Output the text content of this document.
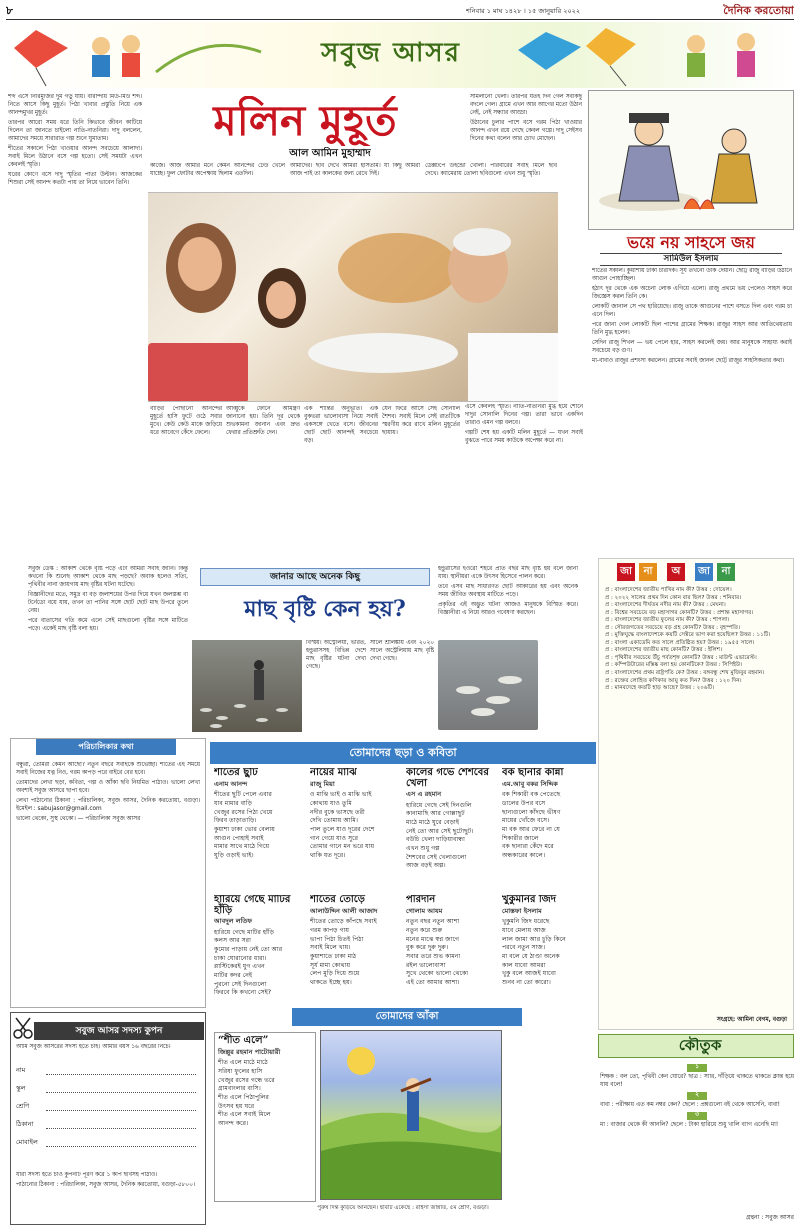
৮	শনিবার ১ মাঘ ১৪২৮ । ১৫ জানুয়ারি ২০২২	দৈনিক করতোয়া
সবুজ আসর
মলিন মুহূর্ত
আল আমিন মুহাম্মাদ

শব্দ এসে নিরিমুজির দুম গড়ু যায়। বারান্দায় মিউ-মিউ শব্দ। নিতে আসে কিছু মুহূর্ত। পিঠা খাবার প্রস্তুতি নিয়ে এক আনন্দমুখর মুহূর্ত।

তারপর আরো সময় ধরে তিনি কিভাবে জীবন কাটিয়ে দিলেন তা জানতে চাইলো নাতি-নাতনিরা। দাদু বললেন, আমাদের সময়ে সারারাত গল্প শুনে ঘুমাতাম।

শীতের সকালে পিঠা খাওয়ার আনন্দ সবচেয়ে আলাদা। সবাই মিলে উঠানে বসে গল্প হতো। সেই সময়টা এখন কেবলই স্মৃতি।

ঘরের কোণে বসে দাদু স্মৃতির পাতা উল্টান। আজকের শিশুরা সেই আনন্দ কতটা পায় তা নিয়ে ভাবেন তিনি।

কাজে। আজ আমার মনে কেমন আনন্দের ঢেউ খেলে যাচ্ছে। ফুল ফোটার অপেক্ষায় ছিলাম এতদিন।

আমাদের। ছবি দেখে আমরা হাসতাম। যা কিছু আমরা আজ পাই তা কালকের জন্য রেখে দিই।

ডেক্সটপে উইন্ডো খোলা। পরিবারের সবাই মিলে ছবি দেখে। ক্যামেরায় তোলা ছবিগুলো এখন শুধু স্মৃতি।

সামলানো খেলা। তারপর যতই দিন গেল সবকিছু বদলে গেল। গ্রামে এখন আর আগের মতো উঠান নেই, নেই সন্ধ্যার আড্ডা।

উঠানের চুলার পাশে বসে গরম পিঠা খাওয়ার আনন্দ এখন রয়ে গেছে কেবল গল্পে। দাদু সেইসব দিনের কথা বলেন আর চোখ মোছেন।

এসে কেবলই স্মৃতি। নাতি-নাতনিরা মুগ্ধ হয়ে শোনে দাদুর সোনালি দিনের গল্প। তারা ভাবে একদিন তারাও এমন গল্প বলবে।

গল্পটি শেষ হয় একটি মলিন মুহূর্তে — যখন সবাই বুঝতে পারে সময় কাউকে অপেক্ষা করে না।

বাড়ির পৌঁছানো আনন্দের মুহূর্তে হাসি ফুটে ওঠে সবার মুখে। কেউ কেউ মাকে জড়িয়ে ধরে আবেগে কেঁদে ফেলে।

আব্বুকে ফোনে আমন্ত্রণ জানানো হয়। তিনি দূর থেকে শুভকামনা জানান এবং দ্রুত ফেরার প্রতিশ্রুতি দেন।

এক শান্তির অনুভূতি। এক বুকভরা ভালোবাসা নিয়ে সবাই একসঙ্গে খেতে বসে। জীবনের ছোট ছোট আনন্দই সবচেয়ে বড়।

যেন ফিরে আসে সেই সোনালি শৈশব। সবাই মিলে সেই রাতটিকে স্মরণীয় করে রাখে মলিন মুহূর্তের ছায়ায়।

ভয়ে নয় সাহসে জয়
সামিউল ইসলাম

শীতের সকাল। কুয়াশায় ঢাকা চারদিক। সূর্য তখনো উঁকি দেয়নি। ছোট্ট রাজু বাড়ির উঠানে আগুন পোহাচ্ছিল।

হঠাৎ দূর থেকে এক অচেনা লোক এগিয়ে এলো। রাজু প্রথমে ভয় পেলেও সাহস করে জিজ্ঞেস করল তিনি কে।

লোকটি জানাল সে পথ হারিয়েছে। রাজু তাকে আগুনের পাশে বসতে দিল এবং গরম চা এনে দিল।

পরে জানা গেল লোকটি ছিল পাশের গ্রামের শিক্ষক। রাজুর সাহস আর আতিথেয়তায় তিনি মুগ্ধ হলেন।

সেদিন রাজু শিখল — ভয় পেলে হার, সাহস করলেই জয়। আর মানুষকে সাহায্য করাই সবচেয়ে বড় গুণ।

মা-বাবাও রাজুর প্রশংসা করলেন। গ্রামের সবাই জানল ছোট্ট রাজুর সাহসিকতার কথা।

জানার আছে অনেক কিছু
মাছ বৃষ্টি কেন হয়?

সবুজ ডেস্ক : আকাশ থেকে বৃষ্টি পড়ে এটা আমরা সবাই জানি। কিন্তু কখনো কি শুনেছ আকাশ থেকে মাছ পড়ছে? অবাক হলেও সত্যি, পৃথিবীর নানা জায়গায় মাছ বৃষ্টির ঘটনা ঘটেছে।

বিজ্ঞানীদের মতে, সমুদ্র বা বড় জলাশয়ের উপর দিয়ে যখন জলস্তম্ভ বা টর্নেডো বয়ে যায়, তখন তা পানির সঙ্গে ছোট ছোট মাছ উপরে তুলে নেয়।

পরে বাতাসের গতি কমে এলে সেই মাছগুলো বৃষ্টির সঙ্গে মাটিতে পড়ে। একেই মাছ বৃষ্টি বলা হয়।

বিস্ময়। অস্ট্রেলিয়া, ভারত, হন্ডুরাসসহ বিভিন্ন দেশে মাছ বৃষ্টির ঘটনা দেখা গেছে।

সালে শ্রীলঙ্কায় এবং ২০২০ সালে অস্ট্রেলিয়ায় মাছ বৃষ্টি দেখা গেছে।

হন্ডুরাসের ইওরো শহরে প্রতি বছর মাছ বৃষ্টি হয় বলে জানা যায়। স্থানীয়রা একে উৎসব হিসেবে পালন করে।

তবে এসব মাছ সাধারণত ছোট আকারের হয় এবং অনেক সময় জীবিত অবস্থায় মাটিতে পড়ে।

প্রকৃতির এই অদ্ভুত ঘটনা আজও মানুষকে বিস্মিত করে। বিজ্ঞানীরা এ নিয়ে আরও গবেষণা করছেন।

জা	না	অ	জা	না
প্র : বাংলাদেশের জাতীয় পাখির নাম কী? উত্তর : দোয়েল।
প্র : ২০২২ সালের প্রথম দিন কোন বার ছিল? উত্তর : শনিবার।
প্র : বাংলাদেশের দীর্ঘতম নদীর নাম কী? উত্তর : মেঘনা।
প্র : বিশ্বের সবচেয়ে বড় মহাসাগর কোনটি? উত্তর : প্রশান্ত মহাসাগর।
প্র : বাংলাদেশের জাতীয় ফুলের নাম কী? উত্তর : শাপলা।
প্র : সৌরজগতের সবচেয়ে বড় গ্রহ কোনটি? উত্তর : বৃহস্পতি।
প্র : মুক্তিযুদ্ধে বাংলাদেশকে কয়টি সেক্টরে ভাগ করা হয়েছিল? উত্তর : ১১টি।
প্র : বাংলা একাডেমি কত সালে প্রতিষ্ঠিত হয়? উত্তর : ১৯৫৫ সালে।
প্র : বাংলাদেশের জাতীয় মাছ কোনটি? উত্তর : ইলিশ।
প্র : পৃথিবীর সবচেয়ে উঁচু পর্বতশৃঙ্গ কোনটি? উত্তর : মাউন্ট এভারেস্ট।
প্র : কম্পিউটারের মস্তিষ্ক বলা হয় কোনটিকে? উত্তর : সিপিইউ।
প্র : বাংলাদেশের প্রথম রাষ্ট্রপতি কে? উত্তর : বঙ্গবন্ধু শেখ মুজিবুর রহমান।
প্র : রক্তের লোহিত কণিকার আয়ু কত দিন? উত্তর : ১২০ দিন।
প্র : মানবদেহে কতটি হাড় আছে? উত্তর : ২০৬টি।
সংগ্রহে: আমিনা বেগম, বগুড়া
কৌতুক
১

শিক্ষক : বল তো, পৃথিবী কেন ঘোরে? ছাত্র : স্যার, দাঁড়িয়ে থাকতে থাকতে ক্লান্ত হয়ে যায় বলে!

২

বাবা : পরীক্ষায় এত কম নম্বর কেন? ছেলে : প্রশ্নগুলো বই থেকে আসেনি, বাবা!

৩

মা : বাজার থেকে কী আনলি? ছেলে : টাকা হারিয়ে শুধু খালি ব্যাগ এনেছি মা!

গ্রন্থনা : সবুজ আসর
পরিচালিকার কথা

বন্ধুরা, তোমরা কেমন আছো? নতুন বছরে সবাইকে শুভেচ্ছা। শীতের এই সময়ে সবাই নিজের যত্ন নিও, গরম কাপড় পরে বাইরে বের হবে।

তোমাদের লেখা ছড়া, কবিতা, গল্প ও আঁকা ছবি নিয়মিত পাঠাও। ভালো লেখা অবশ্যই সবুজ আসরে ছাপা হবে।

লেখা পাঠানোর ঠিকানা : পরিচালিকা, সবুজ আসর, দৈনিক করতোয়া, বগুড়া। ইমেইল : sabujasor@gmail.com

ভালো থেকো, সুস্থ থেকো। — পরিচালিকা সবুজ আসর

সবুজ আসর সদস্য কুপন
আমি সবুজ আসরের সদস্য হতে চাই। আমার বয়স ১৬ বছরের নিচে।
নাম
স্কুল
শ্রেণি
ঠিকানা
মোবাইল

যারা সদস্য হতে চাও কুপনটি পূরণ করে ১ কপি ছবিসহ পাঠাও।

পাঠানোর ঠিকানা : পরিচালিকা, সবুজ আসর, দৈনিক করতোয়া, বগুড়া-৫৮০০।

তোমাদের ছড়া ও কবিতা
শীতের ছুটি
এনাম আনন্দ
শীতের ছুটি পেলে এবার
যাব মামার বাড়ি
খেজুর রসের পিঠা খেয়ে
ফিরব তাড়াতাড়ি।
কুয়াশা ঢাকা ভোর বেলায়
আগুন পোহাই সবাই
মামার সাথে মাঠে গিয়ে
ঘুড়ি ওড়াই ভাই।
নায়ের মাঝি
রাজু মিয়া
ও মাঝি ভাই ও মাঝি ভাই
কোথায় যাও তুমি
নদীর বুকে ভাসছে তরী
দেখি তোমায় আমি।
পাল তুলে যাও দূরের দেশে
গান গেয়ে যাও সুরে
তোমার গানে মন ভরে যায়
থাকি যত দূরে।
কালের গর্ভে শৈশবের খেলা
এস এ রহমান
হারিয়ে গেছে সেই দিনগুলি
কানামাছি আর গোল্লাছুট
মাঠে মাঠে ঘুরে বেড়াই
নেই তো আর সেই ছুটোছুট।
বউচি খেলা দাড়িয়াবান্ধা
এখন শুধু গল্প
শৈশবের সেই খেলাগুলো
আজ বড়ই অল্প।
বক ছানার কান্না
এম.আবু বকর সিদ্দিক
বক শিকারী বক পেতেছে
ডালের উপর বসে
ছানাগুলো কাঁদছে ভীষণ
মায়ের খোঁজে বসে।
মা বক আর ফেরে না যে
শিকারীর জালে
বক ছানারা কেঁদে মরে
অন্ধকারের কালে।
হারিয়ে গেছে মাটির হাঁড়ি
আবদুল লতিফ
হারিয়ে গেছে মাটির হাঁড়ি
কলস আর সরা
কুমোর পাড়ায় নেই তো আর
চাকা ঘোরানোর ধারা।
প্লাস্টিকেরই যুগ এখন
মাটির কদর নেই
পুরনো সেই দিনগুলো
ফিরবে কি কখনো সেই?
শীতের তোড়ে
আলাউদ্দিন আলী আজাদ
শীতের তোড়ে কাঁপছে সবাই
গরম কাপড় গায়
ভাপা পিঠা চিতই পিঠা
সবাই মিলে খায়।
কুয়াশাতে ঢাকা মাঠ
সূর্য মামা কোথায়
লেপ মুড়ি দিয়ে শুয়ে
থাকতে ইচ্ছে হয়।
পরিদান
গোলাম আযম
নতুন বছর নতুন আশা
নতুন করে শুরু
মনের মাঝে স্বপ্ন জাগে
বুক করে দুরু দুরু।
সবার তরে শুভ কামনা
রইল ভালোবাসা
সুখে থেকো ভালো থেকো
এই তো আমার আশা।
খুকুমনির জিদ
মোস্তফা ইসলাম
খুকুমনি জিদ ধরেছে
যাবে মেলায় আজ
লাল জামা আর চুড়ি কিনে
পরবে নতুন সাজ।
মা বলে যে ঠাণ্ডা অনেক
কাল যাবো আমরা
খুকু বলে আজই যাবো
শুনব না তো কারো।
তোমাদের আঁকা
“শীত এলে”
জিল্লুর রহমান পাটোয়ারী
শীত এলে মাঠে মাঠে
সরিষা ফুলের হাসি
খেজুর রসের গন্ধে ভরে
গ্রামবাংলার বাসি।
শীত এলে পিঠাপুলির
উৎসব হয় ঘরে
শীত এলে সবাই মিলে
আনন্দ করে।
পুরুষ দিন্ত কুড়িয়ে আনছেন। ছবিটি এঁকেছে : রাইসা জান্নাত, ৫ম শ্রেণি, বগুড়া।
